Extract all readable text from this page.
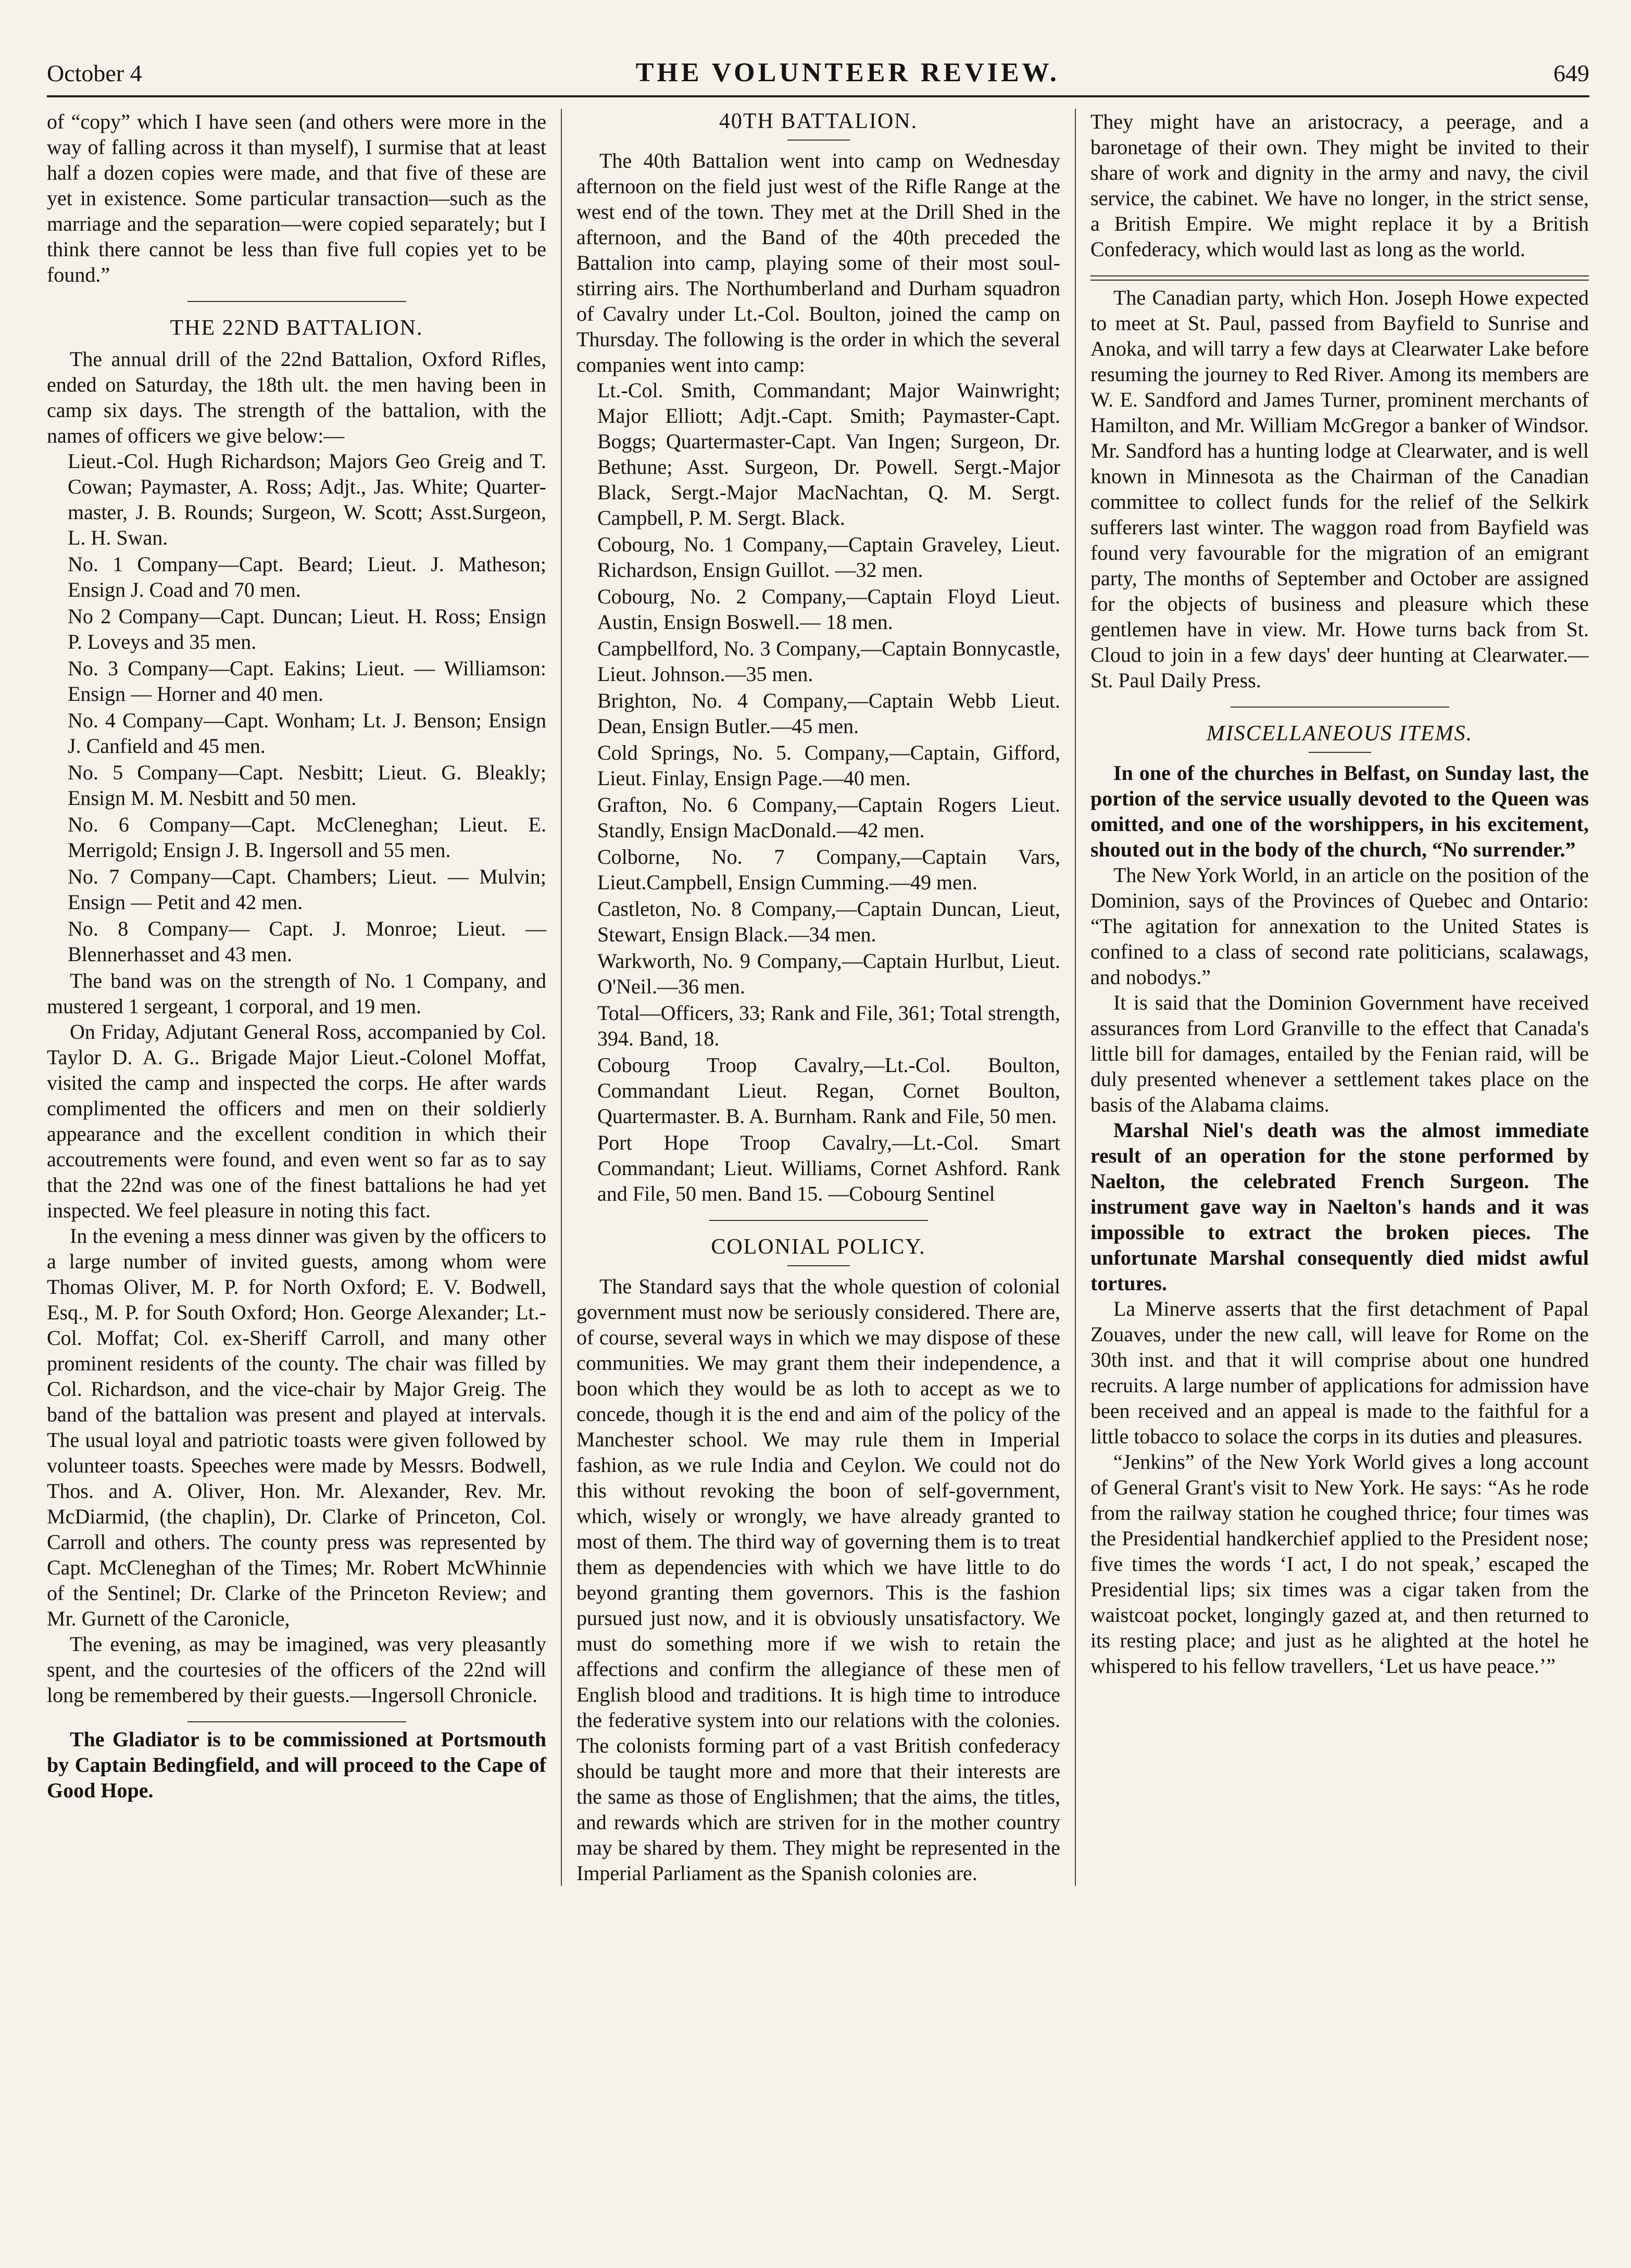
October 4	THE VOLUNTEER REVIEW.	649

of “copy” which I have seen (and others were more in the way of falling across it than myself), I surmise that at least half a dozen copies were made, and that five of these are yet in existence. Some particular transaction—such as the marriage and the separation—were copied separately; but I think there cannot be less than five full copies yet to be found.”

THE 22ND BATTALION.

The annual drill of the 22nd Battalion, Oxford Rifles, ended on Saturday, the 18th ult. the men having been in camp six days. The strength of the battalion, with the names of officers we give below:—

Lieut.-Col. Hugh Richardson; Majors Geo Greig and T. Cowan; Paymaster, A. Ross; Adjt., Jas. White; Quarter-master, J. B. Rounds; Surgeon, W. Scott; Asst.Surgeon, L. H. Swan.

No. 1 Company—Capt. Beard; Lieut. J. Matheson; Ensign J. Coad and 70 men.

No 2 Company—Capt. Duncan; Lieut. H. Ross; Ensign P. Loveys and 35 men.

No. 3 Company—Capt. Eakins; Lieut. — Williamson: Ensign — Horner and 40 men.

No. 4 Company—Capt. Wonham; Lt. J. Benson; Ensign J. Canfield and 45 men.

No. 5 Company—Capt. Nesbitt; Lieut. G. Bleakly; Ensign M. M. Nesbitt and 50 men.

No. 6 Company—Capt. McCleneghan; Lieut. E. Merrigold; Ensign J. B. Ingersoll and 55 men.

No. 7 Company—Capt. Chambers; Lieut. — Mulvin; Ensign — Petit and 42 men.

No. 8 Company— Capt. J. Monroe; Lieut. — Blennerhasset and 43 men.

The band was on the strength of No. 1 Company, and mustered 1 sergeant, 1 corporal, and 19 men.

On Friday, Adjutant General Ross, accompanied by Col. Taylor D. A. G.. Brigade Major Lieut.-Colonel Moffat, visited the camp and inspected the corps. He after wards complimented the officers and men on their soldierly appearance and the excellent condition in which their accoutrements were found, and even went so far as to say that the 22nd was one of the finest battalions he had yet inspected. We feel pleasure in noting this fact.

In the evening a mess dinner was given by the officers to a large number of invited guests, among whom were Thomas Oliver, M. P. for North Oxford; E. V. Bodwell, Esq., M. P. for South Oxford; Hon. George Alexander; Lt.-Col. Moffat; Col. ex-Sheriff Carroll, and many other prominent residents of the county. The chair was filled by Col. Richardson, and the vice-chair by Major Greig. The band of the battalion was present and played at intervals. The usual loyal and patriotic toasts were given followed by volunteer toasts. Speeches were made by Messrs. Bodwell, Thos. and A. Oliver, Hon. Mr. Alexander, Rev. Mr. McDiarmid, (the chaplin), Dr. Clarke of Princeton, Col. Carroll and others. The county press was represented by Capt. McCleneghan of the Times; Mr. Robert McWhinnie of the Sentinel; Dr. Clarke of the Princeton Review; and Mr. Gurnett of the Caronicle,

The evening, as may be imagined, was very pleasantly spent, and the courtesies of the officers of the 22nd will long be remembered by their guests.—Ingersoll Chronicle.

The Gladiator is to be commissioned at Portsmouth by Captain Bedingfield, and will proceed to the Cape of Good Hope.

40TH BATTALION.

The 40th Battalion went into camp on Wednesday afternoon on the field just west of the Rifle Range at the west end of the town. They met at the Drill Shed in the afternoon, and the Band of the 40th preceded the Battalion into camp, playing some of their most soul-stirring airs. The Northumberland and Durham squadron of Cavalry under Lt.-Col. Boulton, joined the camp on Thursday. The following is the order in which the several companies went into camp:

Lt.-Col. Smith, Commandant; Major Wainwright; Major Elliott; Adjt.-Capt. Smith; Paymaster-Capt. Boggs; Quartermaster-Capt. Van Ingen; Surgeon, Dr. Bethune; Asst. Surgeon, Dr. Powell. Sergt.-Major Black, Sergt.-Major MacNachtan, Q. M. Sergt. Campbell, P. M. Sergt. Black.

Cobourg, No. 1 Company,—Captain Graveley, Lieut. Richardson, Ensign Guillot. —32 men.

Cobourg, No. 2 Company,—Captain Floyd Lieut. Austin, Ensign Boswell.— 18 men.

Campbellford, No. 3 Company,—Captain Bonnycastle, Lieut. Johnson.—35 men.

Brighton, No. 4 Company,—Captain Webb Lieut. Dean, Ensign Butler.—45 men.

Cold Springs, No. 5. Company,—Captain, Gifford, Lieut. Finlay, Ensign Page.—40 men.

Grafton, No. 6 Company,—Captain Rogers Lieut. Standly, Ensign MacDonald.—42 men.

Colborne, No. 7 Company,—Captain Vars, Lieut.Campbell, Ensign Cumming.—49 men.

Castleton, No. 8 Company,—Captain Duncan, Lieut, Stewart, Ensign Black.—34 men.

Warkworth, No. 9 Company,—Captain Hurlbut, Lieut. O'Neil.—36 men.

Total—Officers, 33; Rank and File, 361; Total strength, 394. Band, 18.

Cobourg Troop Cavalry,—Lt.-Col. Boulton, Commandant Lieut. Regan, Cornet Boulton, Quartermaster. B. A. Burnham. Rank and File, 50 men.

Port Hope Troop Cavalry,—Lt.-Col. Smart Commandant; Lieut. Williams, Cornet Ashford. Rank and File, 50 men. Band 15. —Cobourg Sentinel

COLONIAL POLICY.

The Standard says that the whole question of colonial government must now be seriously considered. There are, of course, several ways in which we may dispose of these communities. We may grant them their independence, a boon which they would be as loth to accept as we to concede, though it is the end and aim of the policy of the Manchester school. We may rule them in Imperial fashion, as we rule India and Ceylon. We could not do this without revoking the boon of self-government, which, wisely or wrongly, we have already granted to most of them. The third way of governing them is to treat them as dependencies with which we have little to do beyond granting them governors. This is the fashion pursued just now, and it is obviously unsatisfactory. We must do something more if we wish to retain the affections and confirm the allegiance of these men of English blood and traditions. It is high time to introduce the federative system into our relations with the colonies. The colonists forming part of a vast British confederacy should be taught more and more that their interests are the same as those of Englishmen; that the aims, the titles, and rewards which are striven for in the mother country may be shared by them. They might be represented in the Imperial Parliament as the Spanish colonies are.

They might have an aristocracy, a peerage, and a baronetage of their own. They might be invited to their share of work and dignity in the army and navy, the civil service, the cabinet. We have no longer, in the strict sense, a British Empire. We might replace it by a British Confederacy, which would last as long as the world.

The Canadian party, which Hon. Joseph Howe expected to meet at St. Paul, passed from Bayfield to Sunrise and Anoka, and will tarry a few days at Clearwater Lake before resuming the journey to Red River. Among its members are W. E. Sandford and James Turner, prominent merchants of Hamilton, and Mr. William McGregor a banker of Windsor. Mr. Sandford has a hunting lodge at Clearwater, and is well known in Minnesota as the Chairman of the Canadian committee to collect funds for the relief of the Selkirk sufferers last winter. The waggon road from Bayfield was found very favourable for the migration of an emigrant party, The months of September and October are assigned for the objects of business and pleasure which these gentlemen have in view. Mr. Howe turns back from St. Cloud to join in a few days' deer hunting at Clearwater.—St. Paul Daily Press.

MISCELLANEOUS ITEMS.

In one of the churches in Belfast, on Sunday last, the portion of the service usually devoted to the Queen was omitted, and one of the worshippers, in his excitement, shouted out in the body of the church, “No surrender.”

The New York World, in an article on the position of the Dominion, says of the Provinces of Quebec and Ontario: “The agitation for annexation to the United States is confined to a class of second rate politicians, scalawags, and nobodys.”

It is said that the Dominion Government have received assurances from Lord Granville to the effect that Canada's little bill for damages, entailed by the Fenian raid, will be duly presented whenever a settlement takes place on the basis of the Alabama claims.

Marshal Niel's death was the almost immediate result of an operation for the stone performed by Naelton, the celebrated French Surgeon. The instrument gave way in Naelton's hands and it was impossible to extract the broken pieces. The unfortunate Marshal consequently died midst awful tortures.

La Minerve asserts that the first detachment of Papal Zouaves, under the new call, will leave for Rome on the 30th inst. and that it will comprise about one hundred recruits. A large number of applications for admission have been received and an appeal is made to the faithful for a little tobacco to solace the corps in its duties and pleasures.

“Jenkins” of the New York World gives a long account of General Grant's visit to New York. He says: “As he rode from the railway station he coughed thrice; four times was the Presidential handkerchief applied to the President nose; five times the words ‘I act, I do not speak,’ escaped the Presidential lips; six times was a cigar taken from the waistcoat pocket, longingly gazed at, and then returned to its resting place; and just as he alighted at the hotel he whispered to his fellow travellers, ‘Let us have peace.’”
